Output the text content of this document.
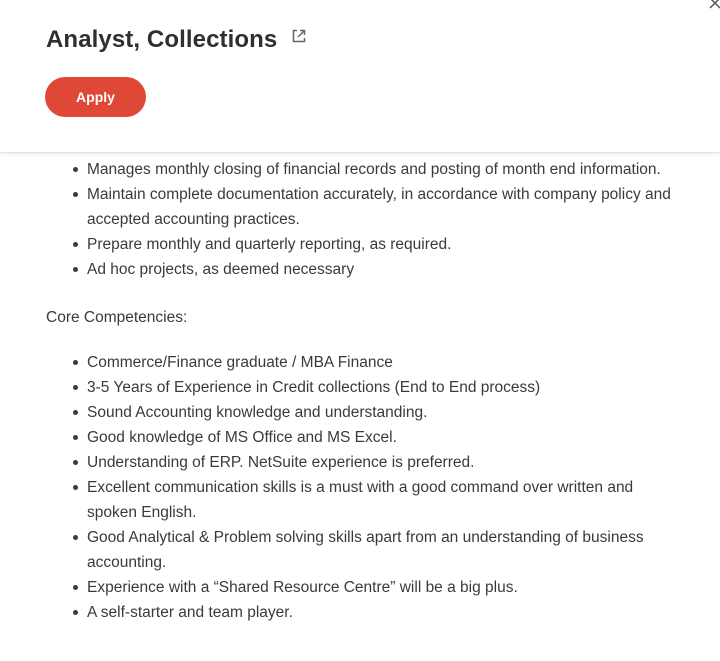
Analyst, Collections
Apply
Manages monthly closing of financial records and posting of month end information.
Maintain complete documentation accurately, in accordance with company policy and accepted accounting practices.
Prepare monthly and quarterly reporting, as required.
Ad hoc projects, as deemed necessary

Core Competencies:

Commerce/Finance graduate / MBA Finance
3-5 Years of Experience in Credit collections (End to End process)
Sound Accounting knowledge and understanding.
Good knowledge of MS Office and MS Excel.
Understanding of ERP. NetSuite experience is preferred.
Excellent communication skills is a must with a good command over written and spoken English.
Good Analytical & Problem solving skills apart from an understanding of business accounting.
Experience with a “Shared Resource Centre” will be a big plus.
A self-starter and team player.
